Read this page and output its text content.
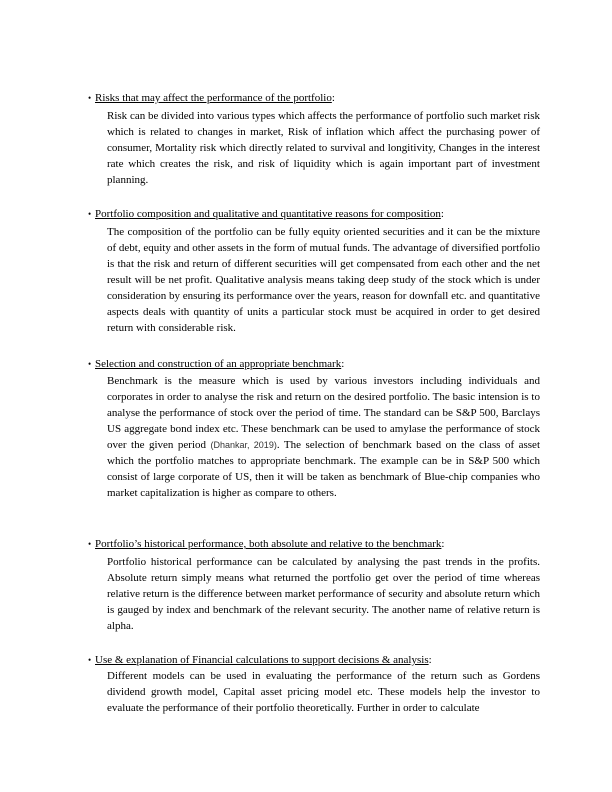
• Risks that may affect the performance of the portfolio:
Risk can be divided into various types which affects the performance of portfolio such market risk which is related to changes in market, Risk of inflation which affect the purchasing power of consumer, Mortality risk which directly related to survival and longitivity, Changes in the interest rate which creates the risk, and risk of liquidity which is again important part of investment planning.
• Portfolio composition and qualitative and quantitative reasons for composition:
The composition of the portfolio can be fully equity oriented securities and it can be the mixture of debt, equity and other assets in the form of mutual funds. The advantage of diversified portfolio is that the risk and return of different securities will get compensated from each other and the net result will be net profit. Qualitative analysis means taking deep study of the stock which is under consideration by ensuring its performance over the years, reason for downfall etc. and quantitative aspects deals with quantity of units a particular stock must be acquired in order to get desired return with considerable risk.
• Selection and construction of an appropriate benchmark:
Benchmark is the measure which is used by various investors including individuals and corporates in order to analyse the risk and return on the desired portfolio. The basic intension is to analyse the performance of stock over the period of time. The standard can be S&P 500, Barclays US aggregate bond index etc. These benchmark can be used to amylase the performance of stock over the given period (Dhankar, 2019). The selection of benchmark based on the class of asset which the portfolio matches to appropriate benchmark. The example can be in S&P 500 which consist of large corporate of US, then it will be taken as benchmark of Blue-chip companies who market capitalization is higher as compare to others.
• Portfolio’s historical performance, both absolute and relative to the benchmark:
Portfolio historical performance can be calculated by analysing the past trends in the profits. Absolute return simply means what returned the portfolio get over the period of time whereas relative return is the difference between market performance of security and absolute return which is gauged by index and benchmark of the relevant security. The another name of relative return is alpha.
• Use & explanation of Financial calculations to support decisions & analysis:
Different models can be used in evaluating the performance of the return such as Gordens dividend growth model, Capital asset pricing model etc. These models help the investor to evaluate the performance of their portfolio theoretically. Further in order to calculate
